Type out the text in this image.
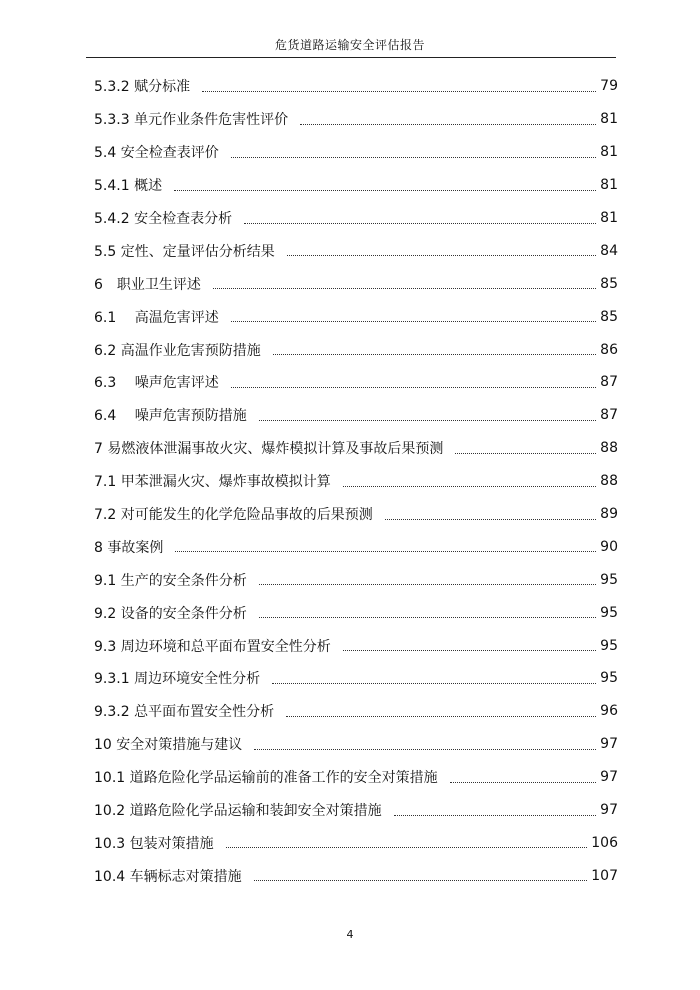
危货道路运输安全评估报告
5.3.2 赋分标准	79
5.3.3 单元作业条件危害性评价	81
5.4 安全检查表评价	81
5.4.1 概述	81
5.4.2 安全检查表分析	81
5.5 定性、定量评估分析结果	84
6　职业卫生评述	85
6.1　 高温危害评述	85
6.2 高温作业危害预防措施	86
6.3　 噪声危害评述	87
6.4　 噪声危害预防措施	87
7 易燃液体泄漏事故火灾、爆炸模拟计算及事故后果预测	88
7.1 甲苯泄漏火灾、爆炸事故模拟计算	88
7.2 对可能发生的化学危险品事故的后果预测	89
8 事故案例	90
9.1 生产的安全条件分析	95
9.2 设备的安全条件分析	95
9.3 周边环境和总平面布置安全性分析	95
9.3.1 周边环境安全性分析	95
9.3.2 总平面布置安全性分析	96
10 安全对策措施与建议	97
10.1 道路危险化学品运输前的准备工作的安全对策措施	97
10.2 道路危险化学品运输和装卸安全对策措施	97
10.3 包装对策措施	106
10.4 车辆标志对策措施	107
4
